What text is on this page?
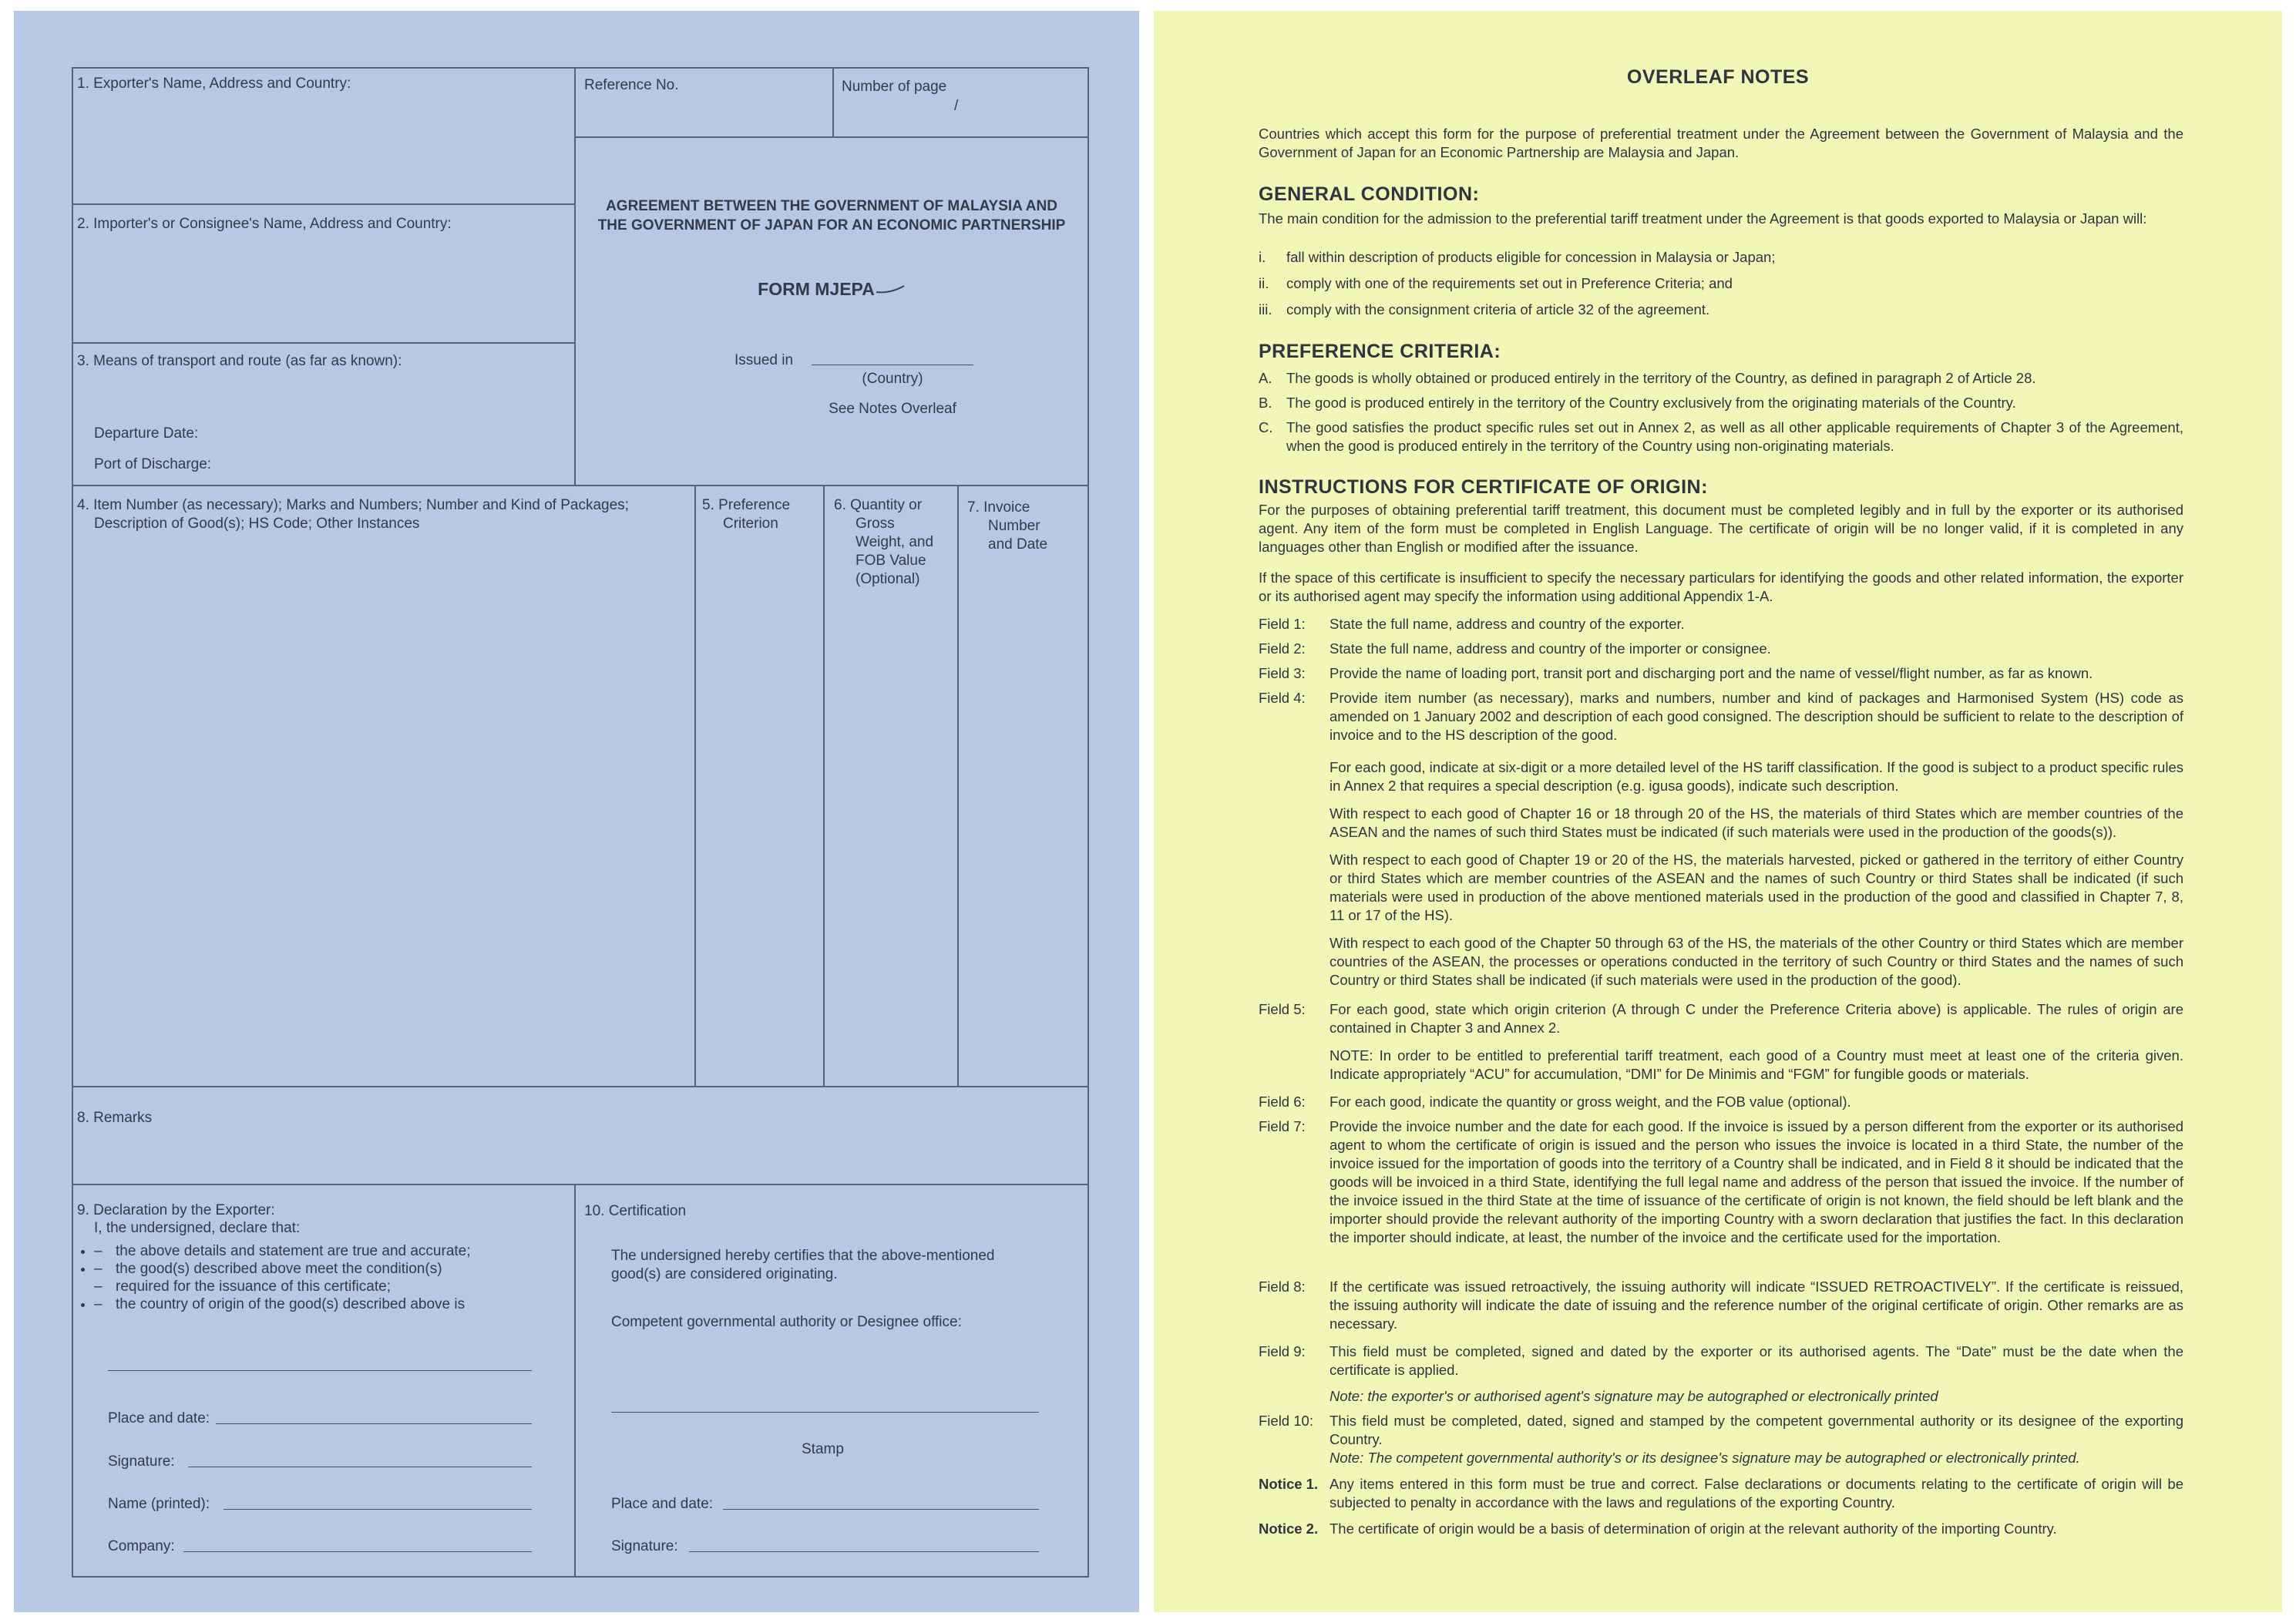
1. Exporter's Name, Address and Country:	Reference No.	Number of page
/
AGREEMENT BETWEEN THE GOVERNMENT OF MALAYSIA AND
THE GOVERNMENT OF JAPAN FOR AN ECONOMIC PARTNERSHIP
FORM MJEPA
2. Importer's or Consignee's Name, Address and Country:
3. Means of transport and route (as far as known):	Issued in
(Country)
See Notes Overleaf
Departure Date:
Port of Discharge:
4. Item Number (as necessary); Marks and Numbers; Number and Kind of Packages;
Description of Good(s); HS Code; Other Instances
5. Preference
Criterion
6. Quantity or
Gross
Weight, and
FOB Value
(Optional)
7. Invoice
Number
and Date
8. Remarks
9. Declaration by the Exporter:
I, the undersigned, declare that:
– • the above details and statement are true and accurate;
– • the good(s) described above meet the condition(s)
– required for the issuance of this certificate;
– • the country of origin of the good(s) described above is
Place and date:
Signature:
Name (printed):
Company:
10. Certification
The undersigned hereby certifies that the above-mentioned
good(s) are considered originating.
Competent governmental authority or Designee office:
Stamp
Place and date:
Signature:
OVERLEAF NOTES
Countries which accept this form for the purpose of preferential treatment under the Agreement between the Government of Malaysia and the Government of Japan for an Economic Partnership are Malaysia and Japan.
GENERAL CONDITION:
The main condition for the admission to the preferential tariff treatment under the Agreement is that goods exported to Malaysia or Japan will:
i. fall within description of products eligible for concession in Malaysia or Japan;
ii. comply with one of the requirements set out in Preference Criteria; and
iii. comply with the consignment criteria of article 32 of the agreement.
PREFERENCE CRITERIA:
A. The goods is wholly obtained or produced entirely in the territory of the Country, as defined in paragraph 2 of Article 28.
B. The good is produced entirely in the territory of the Country exclusively from the originating materials of the Country.
C. The good satisfies the product specific rules set out in Annex 2, as well as all other applicable requirements of Chapter 3 of the Agreement, when the good is produced entirely in the territory of the Country using non-originating materials.
INSTRUCTIONS FOR CERTIFICATE OF ORIGIN:
For the purposes of obtaining preferential tariff treatment, this document must be completed legibly and in full by the exporter or its authorised agent. Any item of the form must be completed in English Language. The certificate of origin will be no longer valid, if it is completed in any languages other than English or modified after the issuance.
If the space of this certificate is insufficient to specify the necessary particulars for identifying the goods and other related information, the exporter or its authorised agent may specify the information using additional Appendix 1-A.
Field 1: State the full name, address and country of the exporter.
Field 2: State the full name, address and country of the importer or consignee.
Field 3: Provide the name of loading port, transit port and discharging port and the name of vessel/flight number, as far as known.
Field 4: Provide item number (as necessary), marks and numbers, number and kind of packages and Harmonised System (HS) code as amended on 1 January 2002 and description of each good consigned. The description should be sufficient to relate to the description of invoice and to the HS description of the good.
For each good, indicate at six-digit or a more detailed level of the HS tariff classification. If the good is subject to a product specific rules in Annex 2 that requires a special description (e.g. igusa goods), indicate such description.
With respect to each good of Chapter 16 or 18 through 20 of the HS, the materials of third States which are member countries of the ASEAN and the names of such third States must be indicated (if such materials were used in the production of the goods(s)).
With respect to each good of Chapter 19 or 20 of the HS, the materials harvested, picked or gathered in the territory of either Country or third States which are member countries of the ASEAN and the names of such Country or third States shall be indicated (if such materials were used in production of the above mentioned materials used in the production of the good and classified in Chapter 7, 8, 11 or 17 of the HS).
With respect to each good of the Chapter 50 through 63 of the HS, the materials of the other Country or third States which are member countries of the ASEAN, the processes or operations conducted in the territory of such Country or third States and the names of such Country or third States shall be indicated (if such materials were used in the production of the good).
Field 5: For each good, state which origin criterion (A through C under the Preference Criteria above) is applicable. The rules of origin are contained in Chapter 3 and Annex 2.
NOTE: In order to be entitled to preferential tariff treatment, each good of a Country must meet at least one of the criteria given. Indicate appropriately “ACU” for accumulation, “DMI” for De Minimis and “FGM” for fungible goods or materials.
Field 6: For each good, indicate the quantity or gross weight, and the FOB value (optional).
Field 7: Provide the invoice number and the date for each good. If the invoice is issued by a person different from the exporter or its authorised agent to whom the certificate of origin is issued and the person who issues the invoice is located in a third State, the number of the invoice issued for the importation of goods into the territory of a Country shall be indicated, and in Field 8 it should be indicated that the goods will be invoiced in a third State, identifying the full legal name and address of the person that issued the invoice. If the number of the invoice issued in the third State at the time of issuance of the certificate of origin is not known, the field should be left blank and the importer should provide the relevant authority of the importing Country with a sworn declaration that justifies the fact. In this declaration the importer should indicate, at least, the number of the invoice and the certificate used for the importation.
Field 8: If the certificate was issued retroactively, the issuing authority will indicate “ISSUED RETROACTIVELY”. If the certificate is reissued, the issuing authority will indicate the date of issuing and the reference number of the original certificate of origin. Other remarks are as necessary.
Field 9: This field must be completed, signed and dated by the exporter or its authorised agents. The “Date” must be the date when the certificate is applied.
Note: the exporter's or authorised agent's signature may be autographed or electronically printed
Field 10: This field must be completed, dated, signed and stamped by the competent governmental authority or its designee of the exporting Country.
Note: The competent governmental authority's or its designee's signature may be autographed or electronically printed.
Notice 1. Any items entered in this form must be true and correct. False declarations or documents relating to the certificate of origin will be subjected to penalty in accordance with the laws and regulations of the exporting Country.
Notice 2. The certificate of origin would be a basis of determination of origin at the relevant authority of the importing Country.
